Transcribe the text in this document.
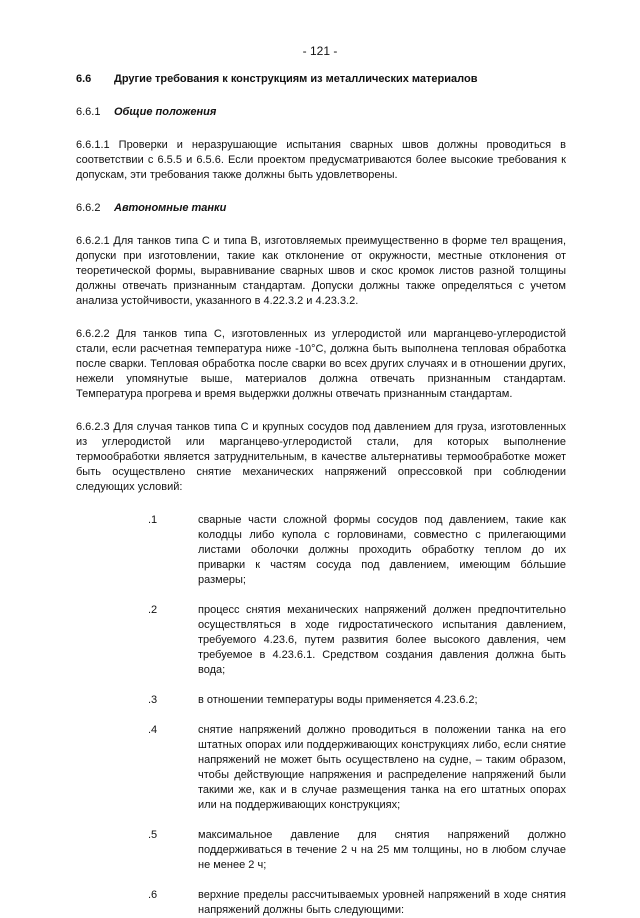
- 121 -
6.6	Другие требования к конструкциям из металлических материалов
6.6.1	Общие положения

6.6.1.1 Проверки и неразрушающие испытания сварных швов должны проводиться в соответствии с 6.5.5 и 6.5.6. Если проектом предусматриваются более высокие требования к допускам, эти требования также должны быть удовлетворены.

6.6.2	Автономные танки

6.6.2.1 Для танков типа С и типа В, изготовляемых преимущественно в форме тел вращения, допуски при изготовлении, такие как отклонение от окружности, местные отклонения от теоретической формы, выравнивание сварных швов и скос кромок листов разной толщины должны отвечать признанным стандартам. Допуски должны также определяться с учетом анализа устойчивости, указанного в 4.22.3.2 и 4.23.3.2.

6.6.2.2 Для танков типа С, изготовленных из углеродистой или марганцево-углеродистой стали, если расчетная температура ниже -10°C, должна быть выполнена тепловая обработка после сварки. Тепловая обработка после сварки во всех других случаях и в отношении других, нежели упомянутые выше, материалов должна отвечать признанным стандартам. Температура прогрева и время выдержки должны отвечать признанным стандартам.

6.6.2.3 Для случая танков типа С и крупных сосудов под давлением для груза, изготовленных из углеродистой или марганцево-углеродистой стали, для которых выполнение термообработки является затруднительным, в качестве альтернативы термообработке может быть осуществлено снятие механических напряжений опрессовкой при соблюдении следующих условий:

.1	сварные части сложной формы сосудов под давлением, такие как колодцы либо купола с горловинами, совместно с прилегающими листами оболочки должны проходить обработку теплом до их приварки к частям сосуда под давлением, имеющим бо́льшие размеры;
.2	процесс снятия механических напряжений должен предпочтительно осуществляться в ходе гидростатического испытания давлением, требуемого 4.23.6, путем развития более высокого давления, чем требуемое в 4.23.6.1. Средством создания давления должна быть вода;
.3	в отношении температуры воды применяется 4.23.6.2;
.4	снятие напряжений должно проводиться в положении танка на его штатных опорах или поддерживающих конструкциях либо, если снятие напряжений не может быть осуществлено на судне, – таким образом, чтобы действующие напряжения и распределение напряжений были такими же, как и в случае размещения танка на его штатных опорах или на поддерживающих конструкциях;
.5	максимальное давление для снятия напряжений должно поддерживаться в течение 2 ч на 25 мм толщины, но в любом случае не менее 2 ч;
.6	верхние пределы рассчитываемых уровней напряжений в ходе снятия напряжений должны быть следующими:
